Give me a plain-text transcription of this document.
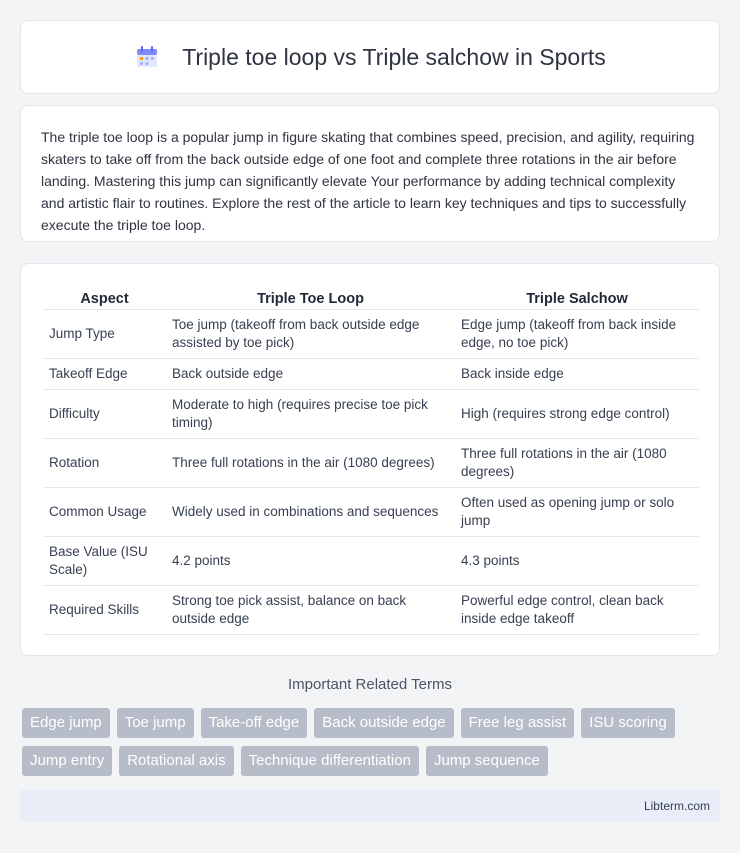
Triple toe loop vs Triple salchow in Sports

The triple toe loop is a popular jump in figure skating that combines speed, precision, and agility, requiring skaters to take off from the back outside edge of one foot and complete three rotations in the air before landing. Mastering this jump can significantly elevate Your performance by adding technical complexity and artistic flair to routines. Explore the rest of the article to learn key techniques and tips to successfully execute the triple toe loop.

Aspect	Triple Toe Loop	Triple Salchow
Jump Type	Toe jump (takeoff from back outside edge assisted by toe pick)	Edge jump (takeoff from back inside edge, no toe pick)
Takeoff Edge	Back outside edge	Back inside edge
Difficulty	Moderate to high (requires precise toe pick timing)	High (requires strong edge control)
Rotation	Three full rotations in the air (1080 degrees)	Three full rotations in the air (1080 degrees)
Common Usage	Widely used in combinations and sequences	Often used as opening jump or solo jump
Base Value (ISU Scale)	4.2 points	4.3 points
Required Skills	Strong toe pick assist, balance on back outside edge	Powerful edge control, clean back inside edge takeoff
Important Related Terms
Edge jump	Toe jump	Take-off edge	Back outside edge	Free leg assist	ISU scoring
Jump entry	Rotational axis	Technique differentiation	Jump sequence
Libterm.com
